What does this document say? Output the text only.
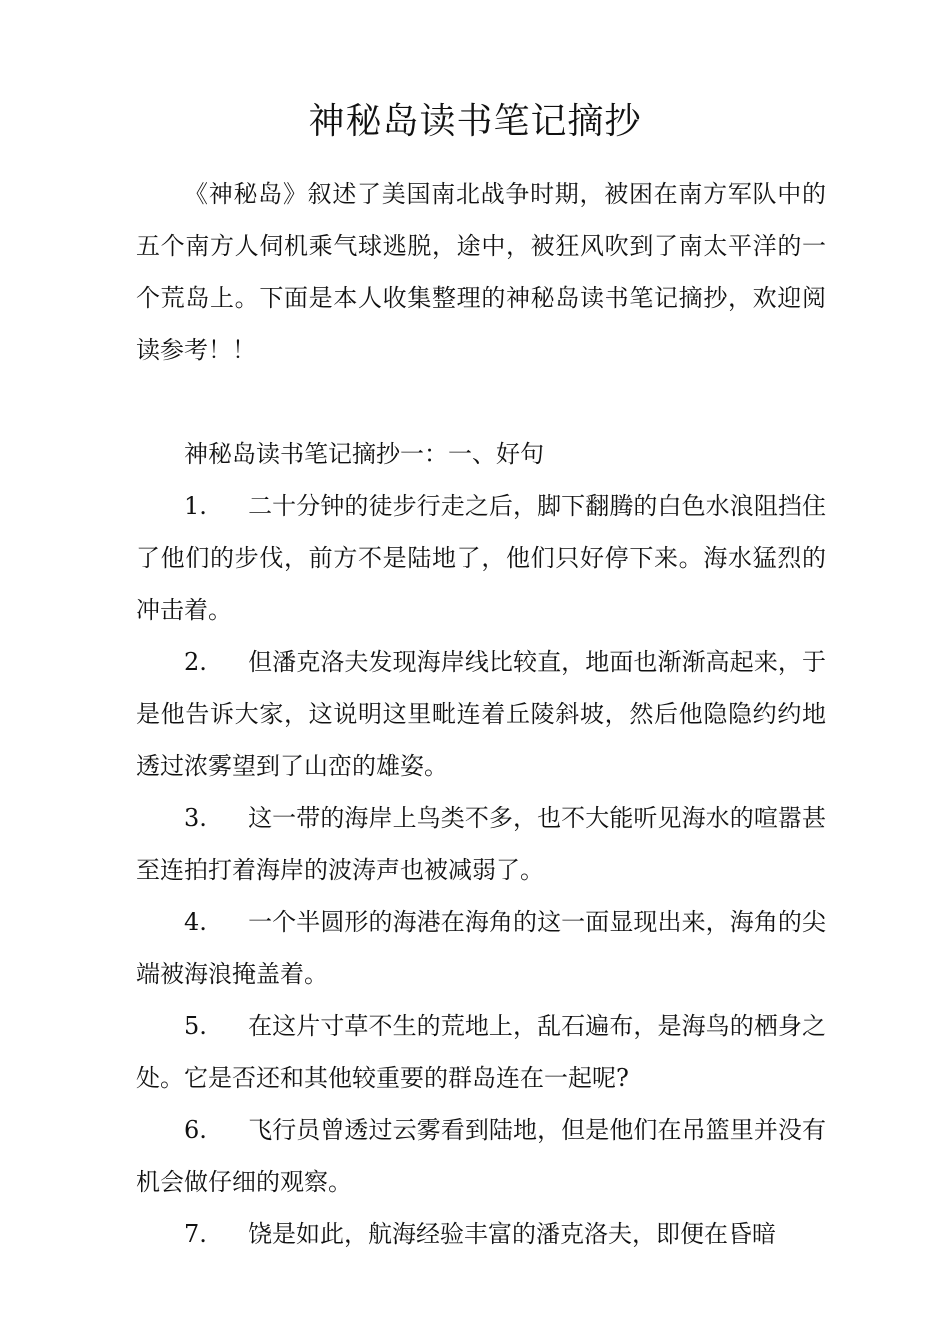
神秘岛读书笔记摘抄

《神秘岛》叙述了美国南北战争时期，被困在南方军队中的五个南方人伺机乘气球逃脱，途中，被狂风吹到了南太平洋的一个荒岛上。下面是本人收集整理的神秘岛读书笔记摘抄，欢迎阅读参考！！

神秘岛读书笔记摘抄一：一、好句

1. 二十分钟的徒步行走之后，脚下翻腾的白色水浪阻挡住了他们的步伐，前方不是陆地了，他们只好停下来。海水猛烈的冲击着。

2. 但潘克洛夫发现海岸线比较直，地面也渐渐高起来，于是他告诉大家，这说明这里毗连着丘陵斜坡，然后他隐隐约约地透过浓雾望到了山峦的雄姿。

3. 这一带的海岸上鸟类不多，也不大能听见海水的喧嚣甚至连拍打着海岸的波涛声也被减弱了。

4. 一个半圆形的海港在海角的这一面显现出来，海角的尖端被海浪掩盖着。

5. 在这片寸草不生的荒地上，乱石遍布，是海鸟的栖身之处。它是否还和其他较重要的群岛连在一起呢?

6. 飞行员曾透过云雾看到陆地，但是他们在吊篮里并没有机会做仔细的观察。

7. 饶是如此，航海经验丰富的潘克洛夫，即便在昏暗
